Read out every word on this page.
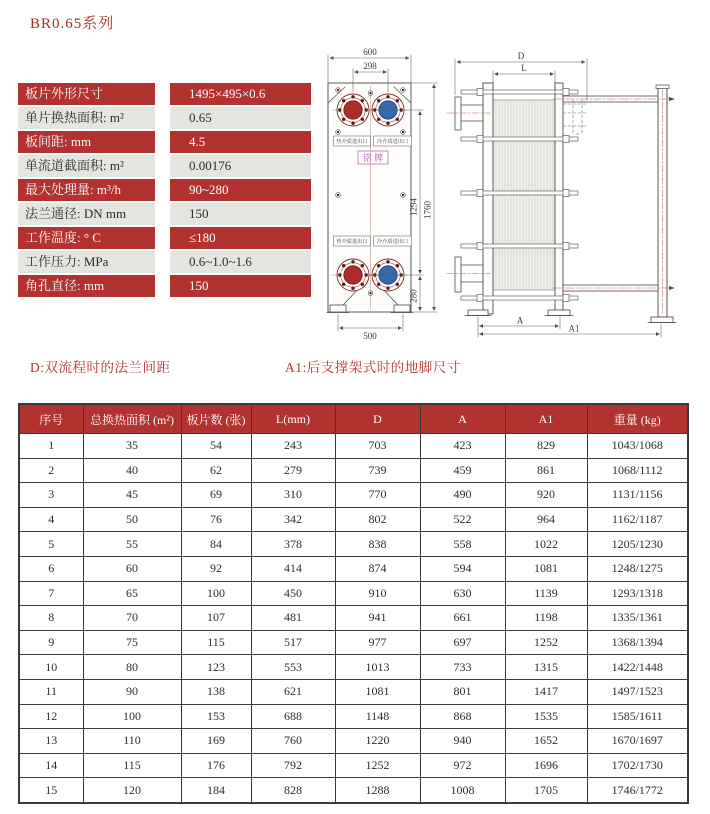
BR0.65系列
板片外形尺寸	1495×495×0.6
单片换热面积: m²	0.65
板间距: mm	4.5
单流道截面积: m²	0.00176
最大处理量: m³/h	90~280
法兰通径: DN mm	150
工作温度: ° C	≤180
工作压力: MPa	0.6~1.0~1.6
角孔直径: mm	150
热介质进出口 冷介质进出口
热介质进出口 冷介质进出口
铭 牌
600
298
1294 1760
280
500
D
L
A
A1
D:双流程时的法兰间距	A1:后支撑架式时的地脚尺寸
序号	总换热面积 (m²)	板片数 (张)	L(mm)	D	A	A1	重量 (kg)
1	35	54	243	703	423	829	1043/1068
2	40	62	279	739	459	861	1068/1112
3	45	69	310	770	490	920	1131/1156
4	50	76	342	802	522	964	1162/1187
5	55	84	378	838	558	1022	1205/1230
6	60	92	414	874	594	1081	1248/1275
7	65	100	450	910	630	1139	1293/1318
8	70	107	481	941	661	1198	1335/1361
9	75	115	517	977	697	1252	1368/1394
10	80	123	553	1013	733	1315	1422/1448
11	90	138	621	1081	801	1417	1497/1523
12	100	153	688	1148	868	1535	1585/1611
13	110	169	760	1220	940	1652	1670/1697
14	115	176	792	1252	972	1696	1702/1730
15	120	184	828	1288	1008	1705	1746/1772
